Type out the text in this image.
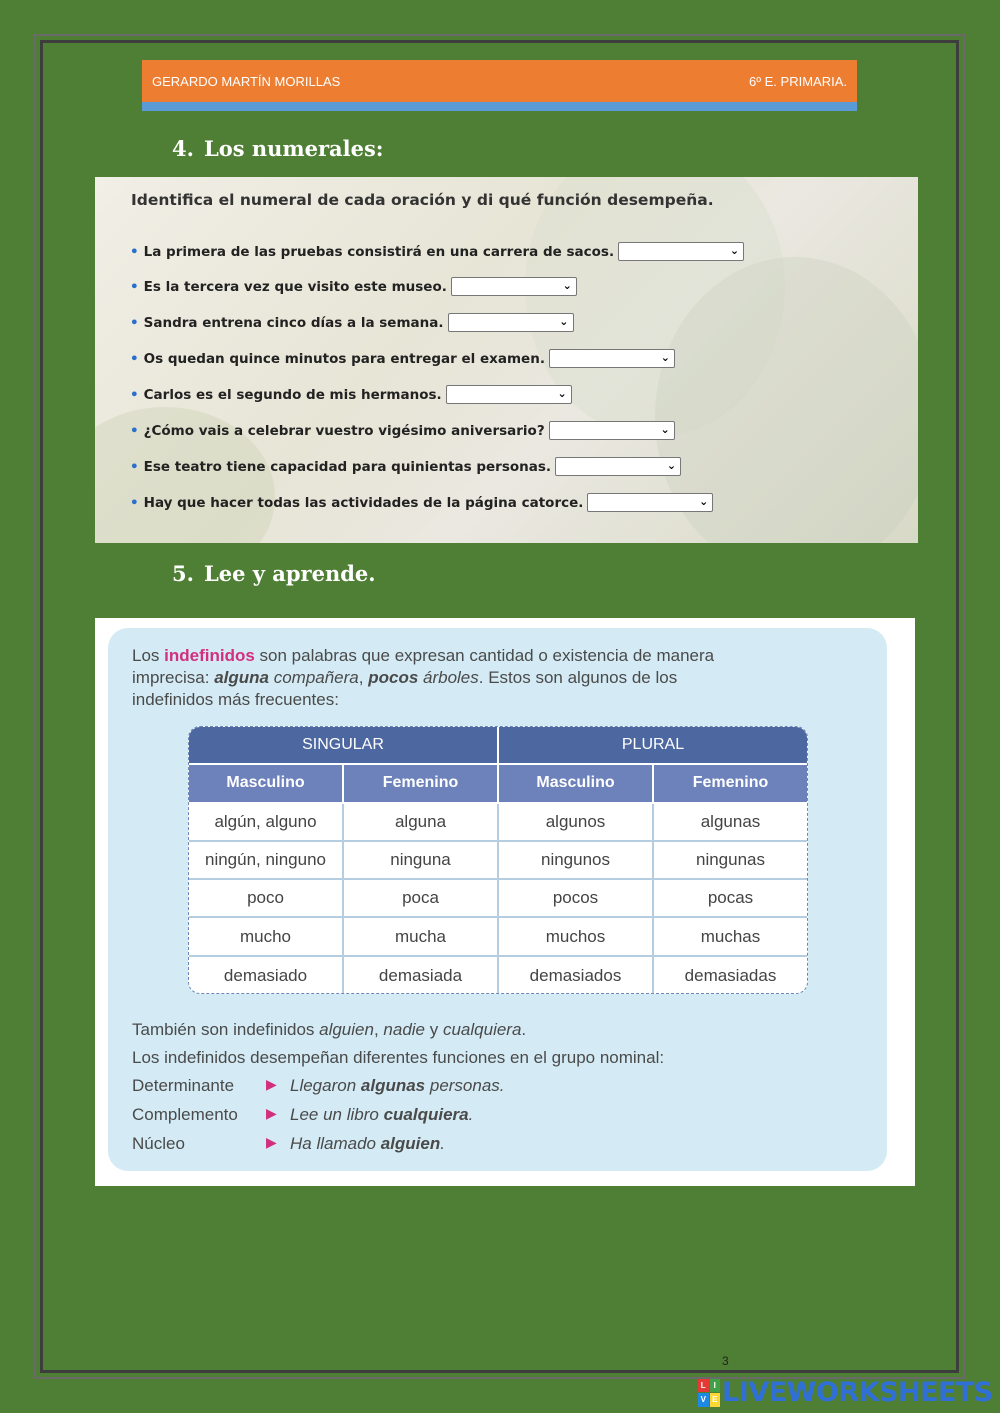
GERARDO MARTÍN MORILLAS	6º E. PRIMARIA.
4. Los numerales:
Identifica el numeral de cada oración y di qué función desempeña.
• La primera de las pruebas consistirá en una carrera de sacos.	⌄
• Es la tercera vez que visito este museo.	⌄
• Sandra entrena cinco días a la semana.	⌄
• Os quedan quince minutos para entregar el examen.	⌄
• Carlos es el segundo de mis hermanos.	⌄
• ¿Cómo vais a celebrar vuestro vigésimo aniversario?	⌄
• Ese teatro tiene capacidad para quinientas personas.	⌄
• Hay que hacer todas las actividades de la página catorce.	⌄
5. Lee y aprende.
Los indefinidos son palabras que expresan cantidad o existencia de manera
imprecisa: alguna compañera, pocos árboles. Estos son algunos de los
indefinidos más frecuentes:
SINGULAR	PLURAL
Masculino	Femenino	Masculino	Femenino
algún, alguno	alguna	algunos	algunas
ningún, ninguno	ninguna	ningunos	ningunas
poco	poca	pocos	pocas
mucho	mucha	muchos	muchas
demasiado	demasiada	demasiados	demasiadas
También son indefinidos alguien, nadie y cualquiera.
Los indefinidos desempeñan diferentes funciones en el grupo nominal:
Determinante	▶ Llegaron algunas personas.
Complemento	▶ Lee un libro cualquiera.
Núcleo	▶ Ha llamado alguien.
3
L I
V E LIVEWORKSHEETS
